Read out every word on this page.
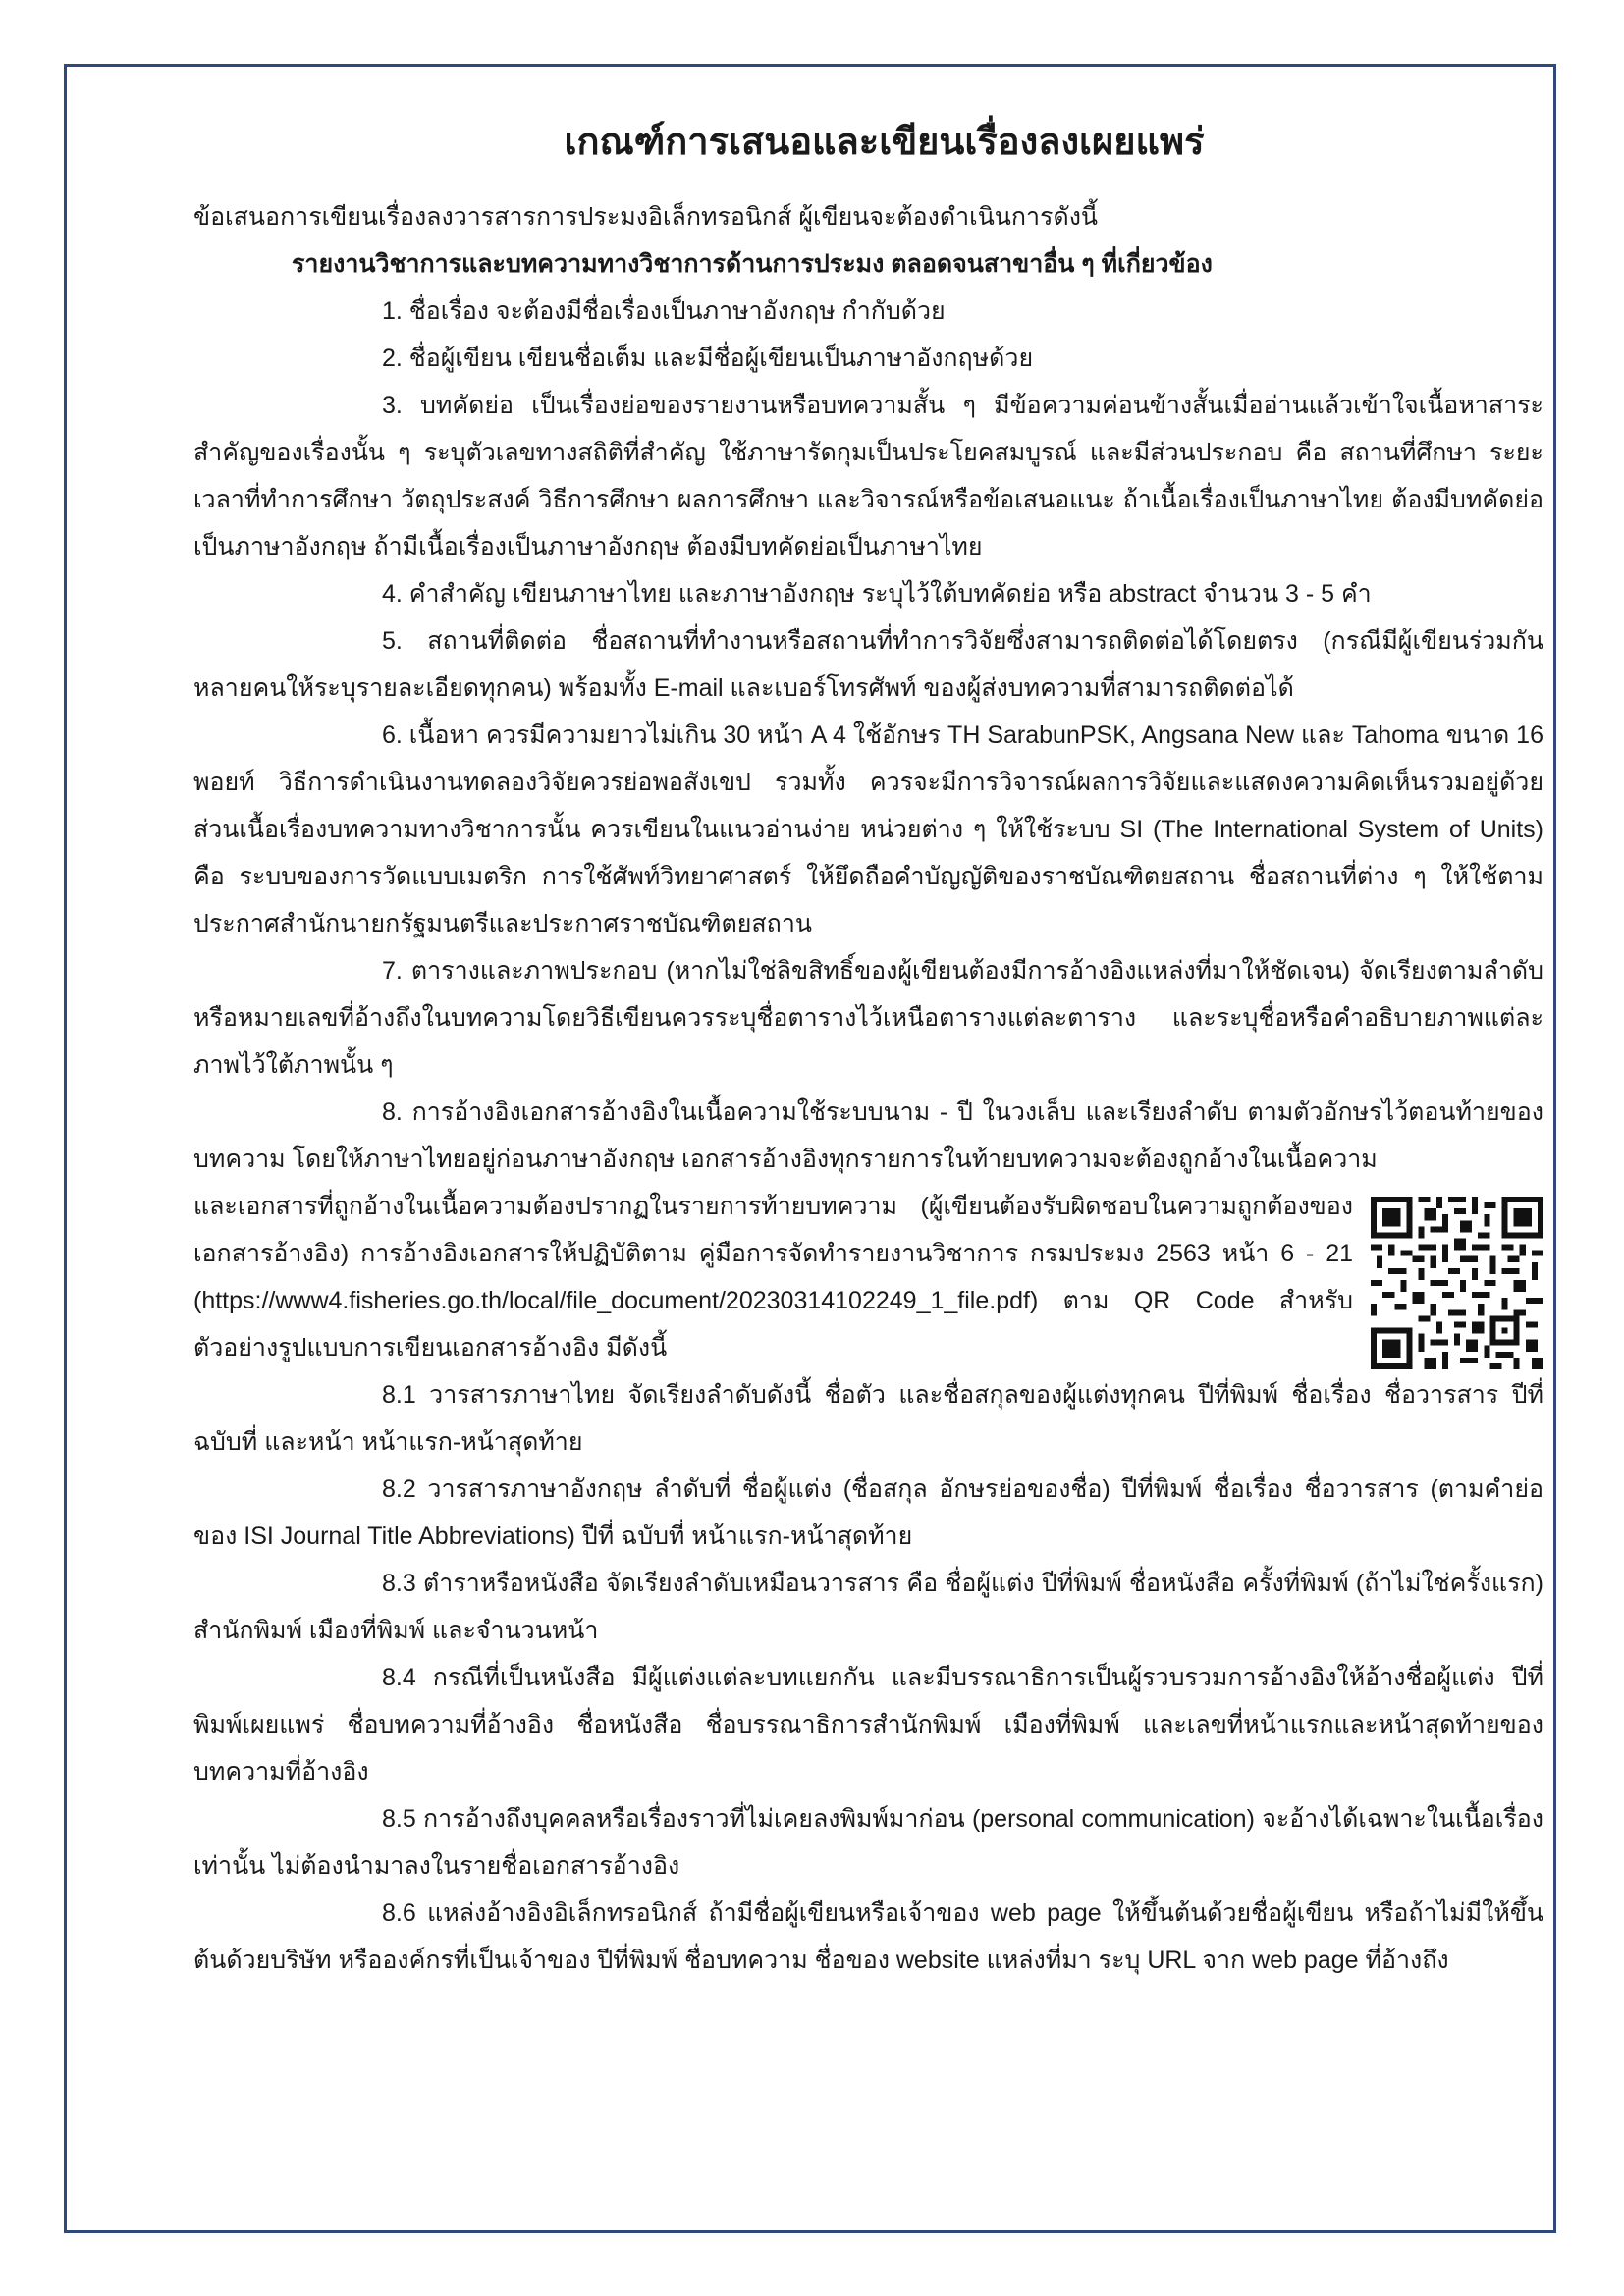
เกณฑ์การเสนอและเขียนเรื่องลงเผยแพร่

ข้อเสนอการเขียนเรื่องลงวารสารการประมงอิเล็กทรอนิกส์ ผู้เขียนจะต้องดำเนินการดังนี้

รายงานวิชาการและบทความทางวิชาการด้านการประมง ตลอดจนสาขาอื่น ๆ ที่เกี่ยวข้อง

1. ชื่อเรื่อง จะต้องมีชื่อเรื่องเป็นภาษาอังกฤษ กำกับด้วย

2. ชื่อผู้เขียน เขียนชื่อเต็ม และมีชื่อผู้เขียนเป็นภาษาอังกฤษด้วย

3. บทคัดย่อ เป็นเรื่องย่อของรายงานหรือบทความสั้น ๆ มีข้อความค่อนข้างสั้นเมื่ออ่านแล้วเข้าใจเนื้อหาสาระสำคัญของเรื่องนั้น ๆ ระบุตัวเลขทางสถิติที่สำคัญ ใช้ภาษารัดกุมเป็นประโยคสมบูรณ์ และมีส่วนประกอบ คือ สถานที่ศึกษา ระยะเวลาที่ทำการศึกษา วัตถุประสงค์ วิธีการศึกษา ผลการศึกษา และวิจารณ์หรือข้อเสนอแนะ ถ้าเนื้อเรื่องเป็นภาษาไทย ต้องมีบทคัดย่อเป็นภาษาอังกฤษ ถ้ามีเนื้อเรื่องเป็นภาษาอังกฤษ ต้องมีบทคัดย่อเป็นภาษาไทย

4. คำสำคัญ เขียนภาษาไทย และภาษาอังกฤษ ระบุไว้ใต้บทคัดย่อ หรือ abstract จำนวน 3 - 5 คำ

5. สถานที่ติดต่อ ชื่อสถานที่ทำงานหรือสถานที่ทำการวิจัยซึ่งสามารถติดต่อได้โดยตรง (กรณีมีผู้เขียนร่วมกันหลายคนให้ระบุรายละเอียดทุกคน) พร้อมทั้ง E-mail และเบอร์โทรศัพท์ ของผู้ส่งบทความที่สามารถติดต่อได้

6. เนื้อหา ควรมีความยาวไม่เกิน 30 หน้า A 4 ใช้อักษร TH SarabunPSK, Angsana New และ Tahoma ขนาด 16 พอยท์ วิธีการดำเนินงานทดลองวิจัยควรย่อพอสังเขป รวมทั้ง ควรจะมีการวิจารณ์ผลการวิจัยและแสดงความคิดเห็นรวมอยู่ด้วย ส่วนเนื้อเรื่องบทความทางวิชาการนั้น ควรเขียนในแนวอ่านง่าย หน่วยต่าง ๆ ให้ใช้ระบบ SI (The International System of Units) คือ ระบบของการวัดแบบเมตริก การใช้ศัพท์วิทยาศาสตร์ ให้ยึดถือคำบัญญัติของราชบัณฑิตยสถาน ชื่อสถานที่ต่าง ๆ ให้ใช้ตามประกาศสำนักนายกรัฐมนตรีและประกาศราชบัณฑิตยสถาน

7. ตารางและภาพประกอบ (หากไม่ใช่ลิขสิทธิ์ของผู้เขียนต้องมีการอ้างอิงแหล่งที่มาให้ชัดเจน) จัดเรียงตามลำดับหรือหมายเลขที่อ้างถึงในบทความโดยวิธีเขียนควรระบุชื่อตารางไว้เหนือตารางแต่ละตาราง และระบุชื่อหรือคำอธิบายภาพแต่ละภาพไว้ใต้ภาพนั้น ๆ

8. การอ้างอิงเอกสารอ้างอิงในเนื้อความใช้ระบบนาม - ปี ในวงเล็บ และเรียงลำดับ ตามตัวอักษรไว้ตอนท้ายของบทความ โดยให้ภาษาไทยอยู่ก่อนภาษาอังกฤษ เอกสารอ้างอิงทุกรายการในท้ายบทความจะต้องถูกอ้างในเนื้อความ

และเอกสารที่ถูกอ้างในเนื้อความต้องปรากฏในรายการท้ายบทความ (ผู้เขียนต้องรับผิดชอบในความถูกต้องของเอกสารอ้างอิง) การอ้างอิงเอกสารให้ปฏิบัติตาม คู่มือการจัดทำรายงานวิชาการ กรมประมง 2563 หน้า 6 - 21 (https://www4.fisheries.go.th/local/file_document/20230314102249_1_file.pdf) ตาม QR Code สำหรับตัวอย่างรูปแบบการเขียนเอกสารอ้างอิง มีดังนี้

8.1 วารสารภาษาไทย จัดเรียงลำดับดังนี้ ชื่อตัว และชื่อสกุลของผู้แต่งทุกคน ปีที่พิมพ์ ชื่อเรื่อง ชื่อวารสาร ปีที่ ฉบับที่ และหน้า หน้าแรก-หน้าสุดท้าย

8.2 วารสารภาษาอังกฤษ ลำดับที่ ชื่อผู้แต่ง (ชื่อสกุล อักษรย่อของชื่อ) ปีที่พิมพ์ ชื่อเรื่อง ชื่อวารสาร (ตามคำย่อของ ISI Journal Title Abbreviations) ปีที่ ฉบับที่ หน้าแรก-หน้าสุดท้าย

8.3 ตำราหรือหนังสือ จัดเรียงลำดับเหมือนวารสาร คือ ชื่อผู้แต่ง ปีที่พิมพ์ ชื่อหนังสือ ครั้งที่พิมพ์ (ถ้าไม่ใช่ครั้งแรก) สำนักพิมพ์ เมืองที่พิมพ์ และจำนวนหน้า

8.4 กรณีที่เป็นหนังสือ มีผู้แต่งแต่ละบทแยกกัน และมีบรรณาธิการเป็นผู้รวบรวมการอ้างอิงให้อ้างชื่อผู้แต่ง ปีที่พิมพ์เผยแพร่ ชื่อบทความที่อ้างอิง ชื่อหนังสือ ชื่อบรรณาธิการสำนักพิมพ์ เมืองที่พิมพ์ และเลขที่หน้าแรกและหน้าสุดท้ายของบทความที่อ้างอิง

8.5 การอ้างถึงบุคคลหรือเรื่องราวที่ไม่เคยลงพิมพ์มาก่อน (personal communication) จะอ้างได้เฉพาะในเนื้อเรื่องเท่านั้น ไม่ต้องนำมาลงในรายชื่อเอกสารอ้างอิง

8.6 แหล่งอ้างอิงอิเล็กทรอนิกส์ ถ้ามีชื่อผู้เขียนหรือเจ้าของ web page ให้ขึ้นต้นด้วยชื่อผู้เขียน หรือถ้าไม่มีให้ขึ้นต้นด้วยบริษัท หรือองค์กรที่เป็นเจ้าของ ปีที่พิมพ์ ชื่อบทความ ชื่อของ website แหล่งที่มา ระบุ URL จาก web page ที่อ้างถึง
